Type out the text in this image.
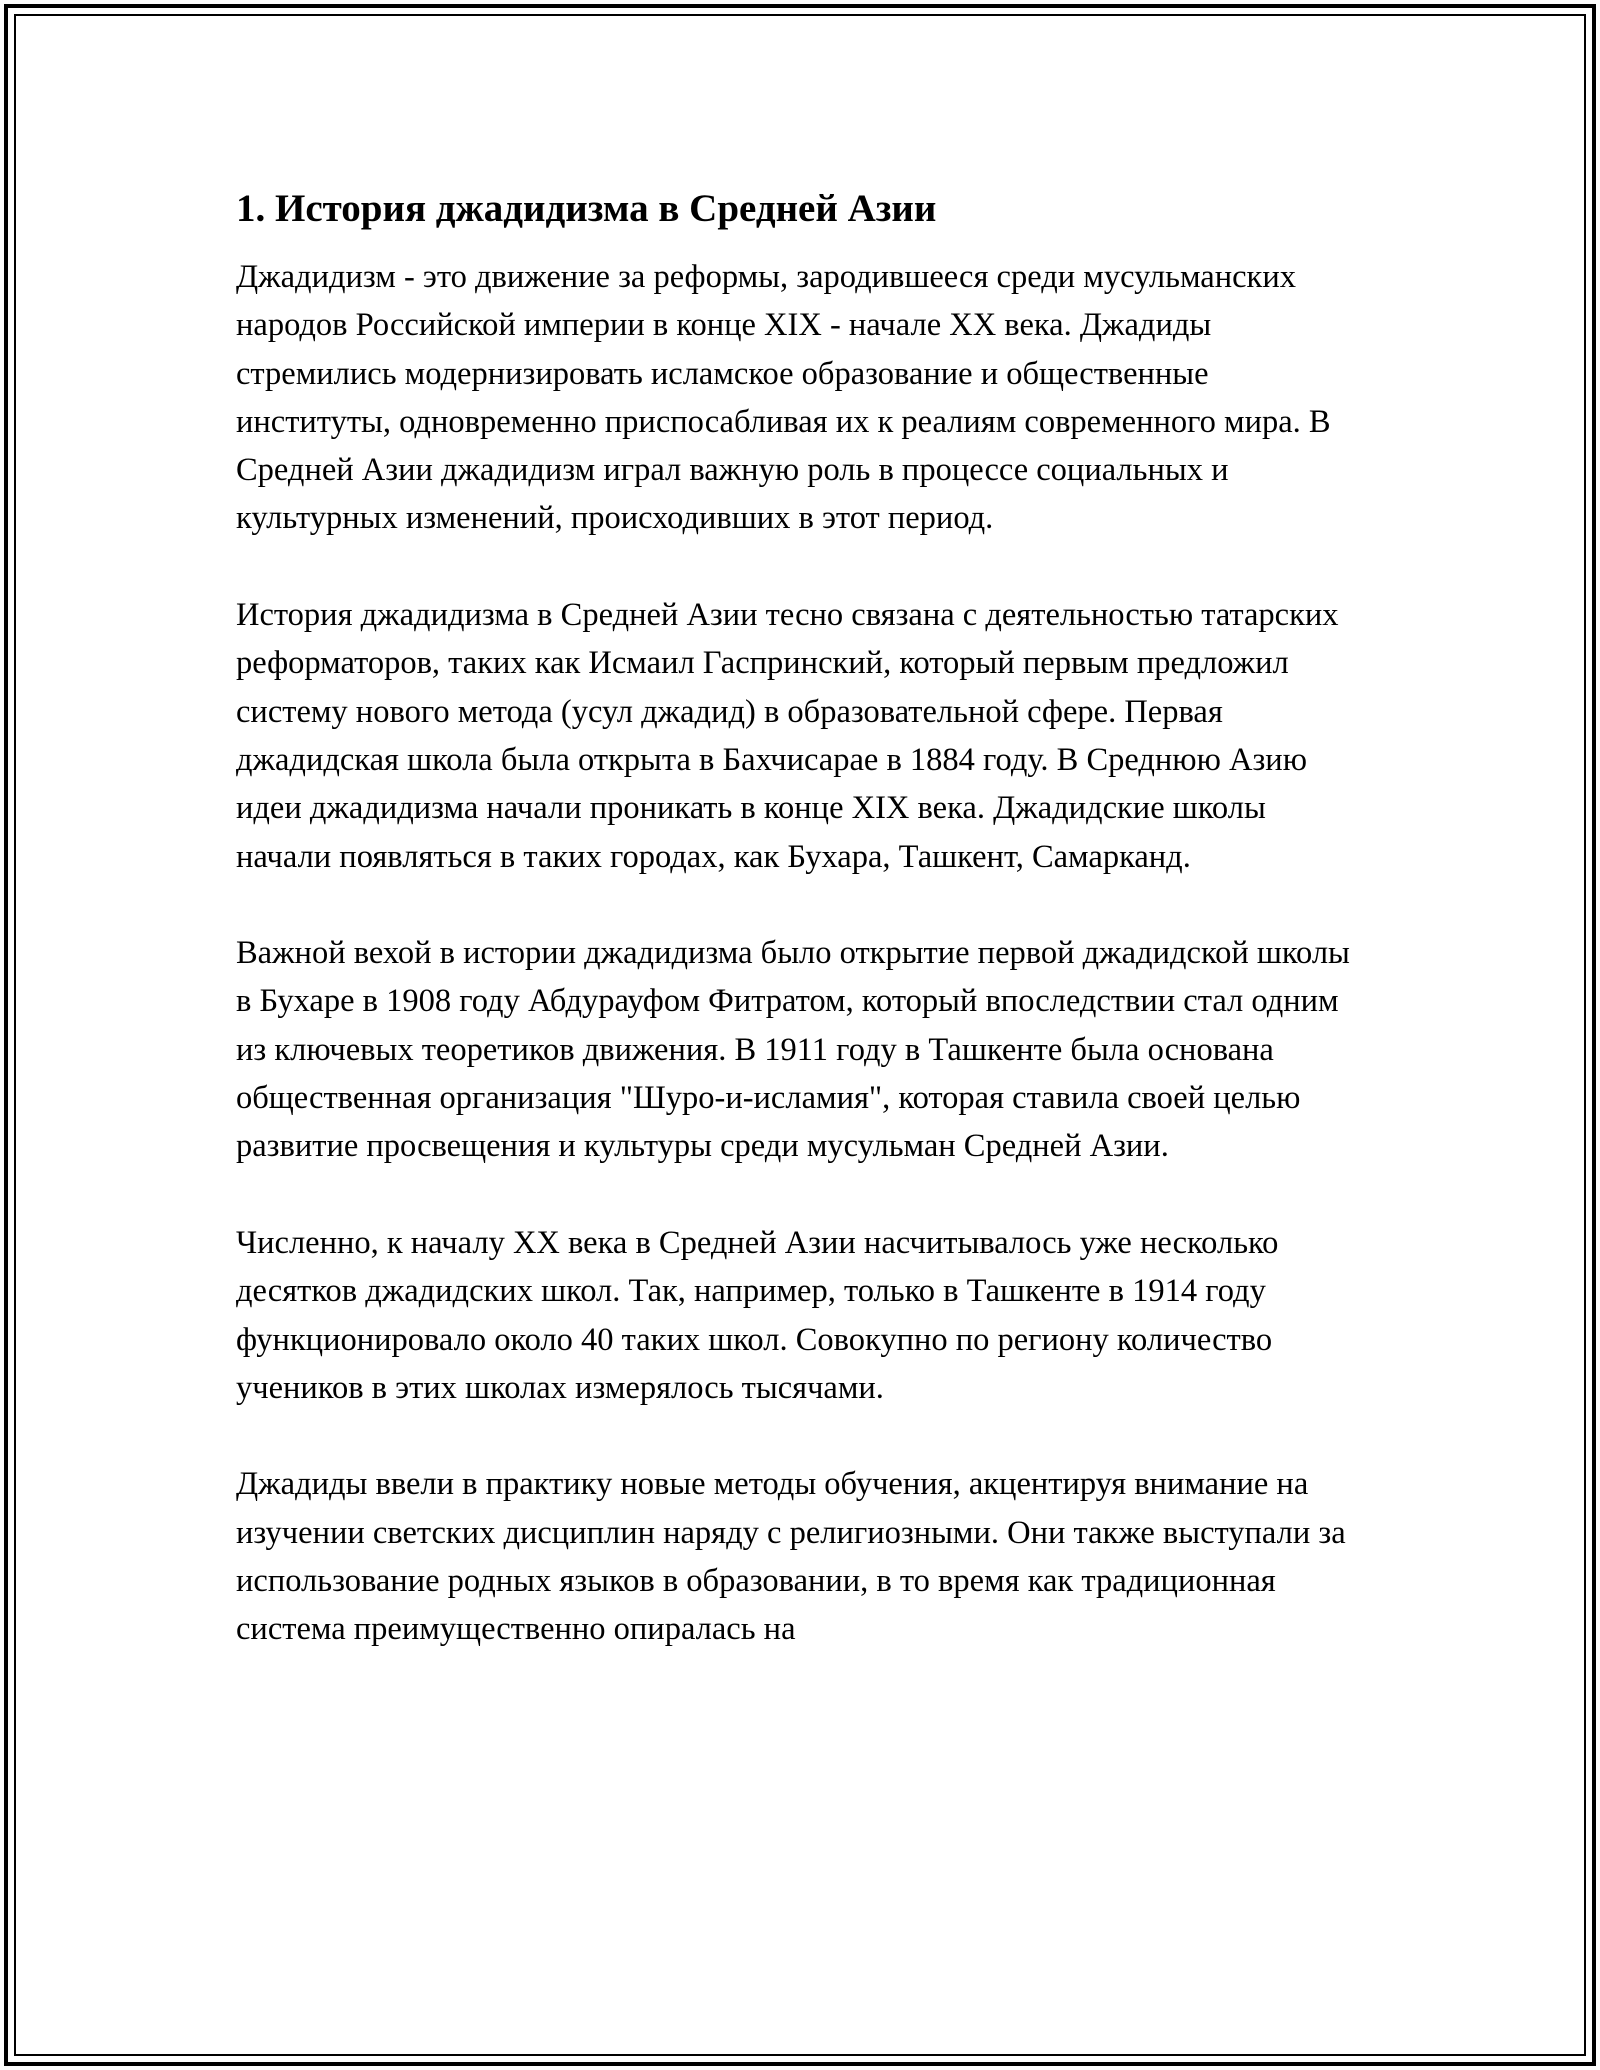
1. История джадидизма в Средней Азии

Джадидизм - это движение за реформы, зародившееся среди мусульманских народов Российской империи в конце XIX - начале XX века. Джадиды стремились модернизировать исламское образование и общественные институты, одновременно приспосабливая их к реалиям современного мира. В Средней Азии джадидизм играл важную роль в процессе социальных и культурных изменений, происходивших в этот период.

История джадидизма в Средней Азии тесно связана с деятельностью татарских реформаторов, таких как Исмаил Гаспринский, который первым предложил систему нового метода (усул джадид) в образовательной сфере. Первая джадидская школа была открыта в Бахчисарае в 1884 году. В Среднюю Азию идеи джадидизма начали проникать в конце XIX века. Джадидские школы начали появляться в таких городах, как Бухара, Ташкент, Самарканд.

Важной вехой в истории джадидизма было открытие первой джадидской школы в Бухаре в 1908 году Абдурауфом Фитратом, который впоследствии стал одним из ключевых теоретиков движения. В 1911 году в Ташкенте была основана общественная организация "Шуро-и-исламия", которая ставила своей целью развитие просвещения и культуры среди мусульман Средней Азии.

Численно, к началу XX века в Средней Азии насчитывалось уже несколько десятков джадидских школ. Так, например, только в Ташкенте в 1914 году функционировало около 40 таких школ. Совокупно по региону количество учеников в этих школах измерялось тысячами.

Джадиды ввели в практику новые методы обучения, акцентируя внимание на изучении светских дисциплин наряду с религиозными. Они также выступали за использование родных языков в образовании, в то время как традиционная система преимущественно опиралась на
